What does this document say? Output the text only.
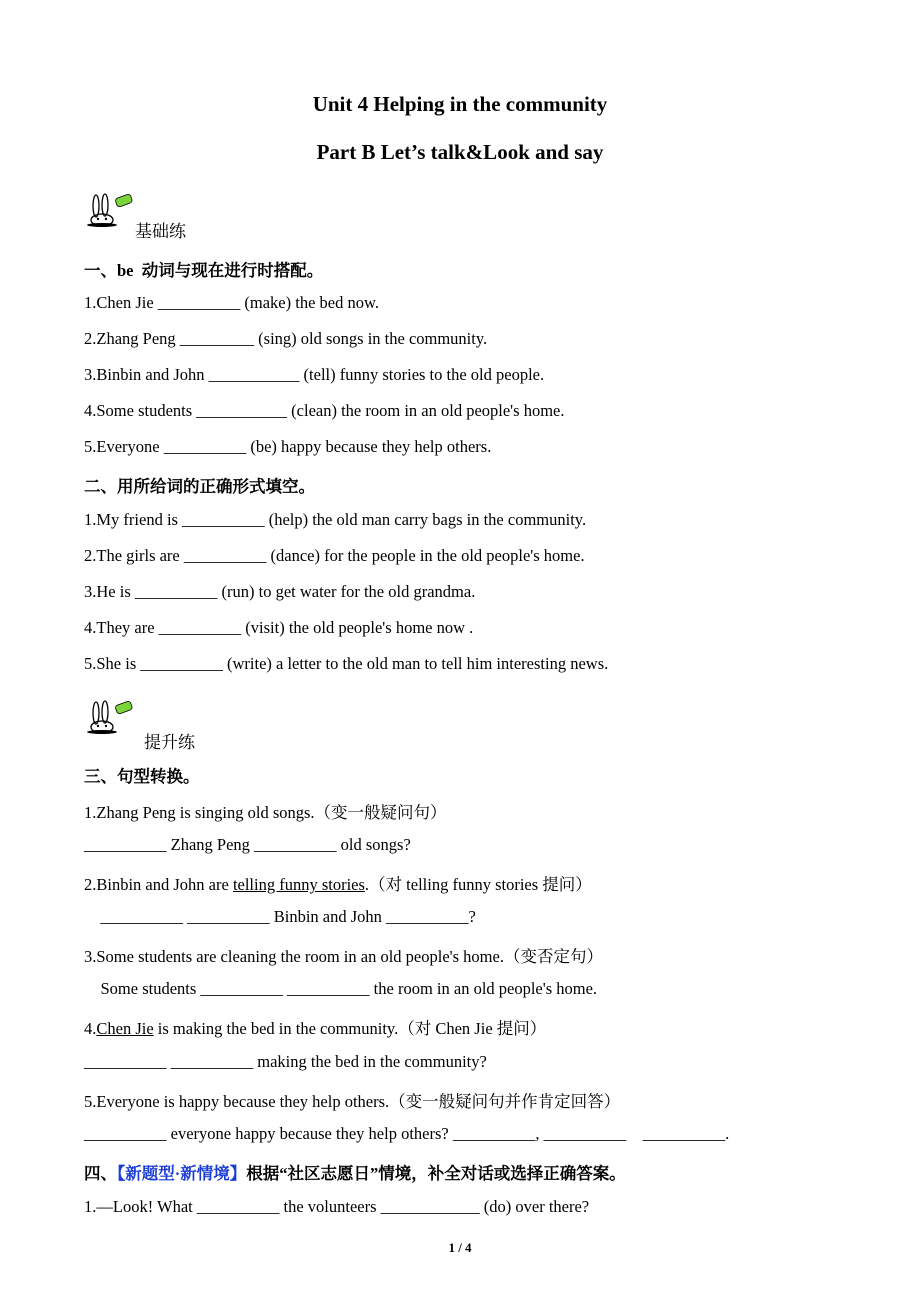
Unit 4 Helping in the community
Part B Let’s talk&Look and say
基础练
一、be  动词与现在进行时搭配。
1.Chen Jie __________ (make) the bed now.
2.Zhang Peng _________ (sing) old songs in the community.
3.Binbin and John ___________ (tell) funny stories to the old people.
4.Some students ___________ (clean) the room in an old people's home.
5.Everyone __________ (be) happy because they help others.
二、用所给词的正确形式填空。
1.My friend is __________ (help) the old man carry bags in the community.
2.The girls are __________ (dance) for the people in the old people's home.
3.He is __________ (run) to get water for the old grandma.
4.They are __________ (visit) the old people's home now .
5.She is __________ (write) a letter to the old man to tell him interesting news.
提升练
三、句型转换。
1.Zhang Peng is singing old songs.（变一般疑问句）
__________ Zhang Peng __________ old songs?
2.Binbin and John are telling funny stories.（对 telling funny stories 提问）
__________ __________ Binbin and John __________?
3.Some students are cleaning the room in an old people's home.（变否定句）
Some students __________ __________ the room in an old people's home.
4.Chen Jie is making the bed in the community.（对 Chen Jie 提问）
__________ __________ making the bed in the community?
5.Everyone is happy because they help others.（变一般疑问句并作肯定回答）
__________ everyone happy because they help others? __________, __________    __________.
四、【新题型·新情境】根据“社区志愿日”情境，补全对话或选择正确答案。
1.—Look! What __________ the volunteers ____________ (do) over there?
1 / 4
